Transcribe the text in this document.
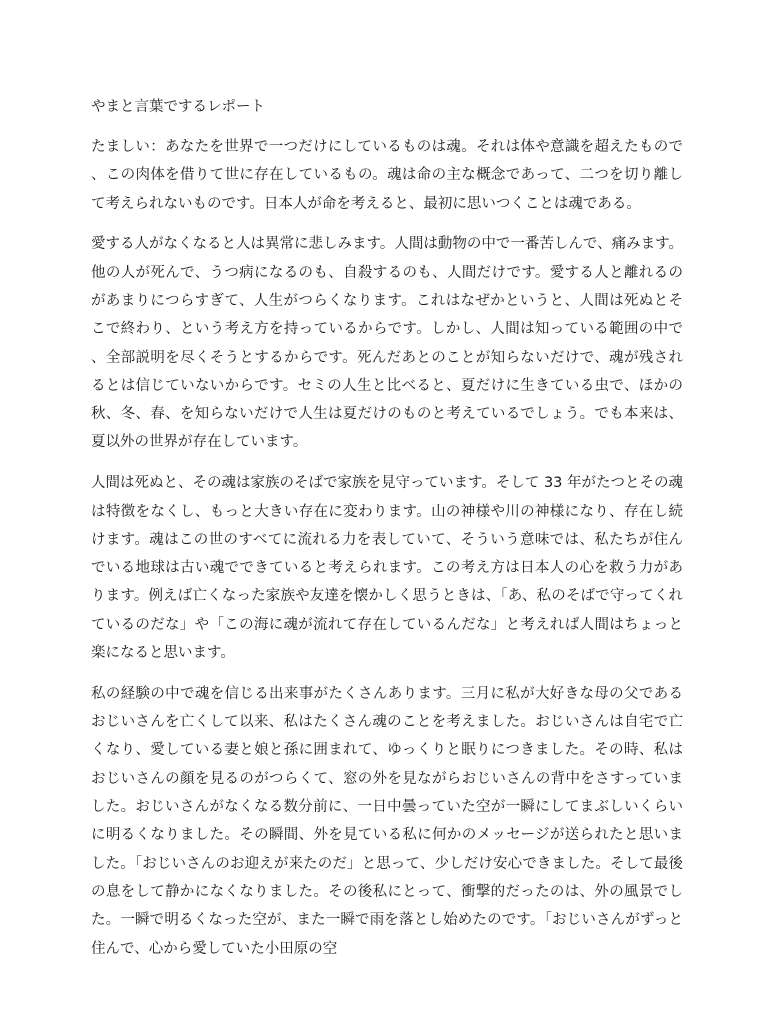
やまと言葉でするレポート

たましい：あなたを世界で一つだけにしているものは魂。それは体や意識を超えたもので、この肉体を借りて世に存在しているもの。魂は命の主な概念であって、二つを切り離して考えられないものです。日本人が命を考えると、最初に思いつくことは魂である。

愛する人がなくなると人は異常に悲しみます。人間は動物の中で一番苦しんで、痛みます。他の人が死んで、うつ病になるのも、自殺するのも、人間だけです。愛する人と離れるのがあまりにつらすぎて、人生がつらくなります。これはなぜかというと、人間は死ぬとそこで終わり、という考え方を持っているからです。しかし、人間は知っている範囲の中で、全部説明を尽くそうとするからです。死んだあとのことが知らないだけで、魂が残されるとは信じていないからです。セミの人生と比べると、夏だけに生きている虫で、ほかの秋、冬、春、を知らないだけで人生は夏だけのものと考えているでしょう。でも本来は、夏以外の世界が存在しています。

人間は死ぬと、その魂は家族のそばで家族を見守っています。そして 33 年がたつとその魂は特徴をなくし、もっと大きい存在に変わります。山の神様や川の神様になり、存在し続けます。魂はこの世のすべてに流れる力を表していて、そういう意味では、私たちが住んでいる地球は古い魂でできていると考えられます。この考え方は日本人の心を救う力があります。例えば亡くなった家族や友達を懐かしく思うときは、「あ、私のそばで守ってくれているのだな」や「この海に魂が流れて存在しているんだな」と考えれば人間はちょっと楽になると思います。

私の経験の中で魂を信じる出来事がたくさんあります。三月に私が大好きな母の父であるおじいさんを亡くして以来、私はたくさん魂のことを考えました。おじいさんは自宅で亡くなり、愛している妻と娘と孫に囲まれて、ゆっくりと眠りにつきました。その時、私はおじいさんの顔を見るのがつらくて、窓の外を見ながらおじいさんの背中をさすっていました。おじいさんがなくなる数分前に、一日中曇っていた空が一瞬にしてまぶしいくらいに明るくなりました。その瞬間、外を見ている私に何かのメッセージが送られたと思いました。「おじいさんのお迎えが来たのだ」と思って、少しだけ安心できました。そして最後の息をして静かになくなりました。その後私にとって、衝撃的だったのは、外の風景でした。一瞬で明るくなった空が、また一瞬で雨を落とし始めたのです。「おじいさんがずっと住んで、心から愛していた小田原の空
